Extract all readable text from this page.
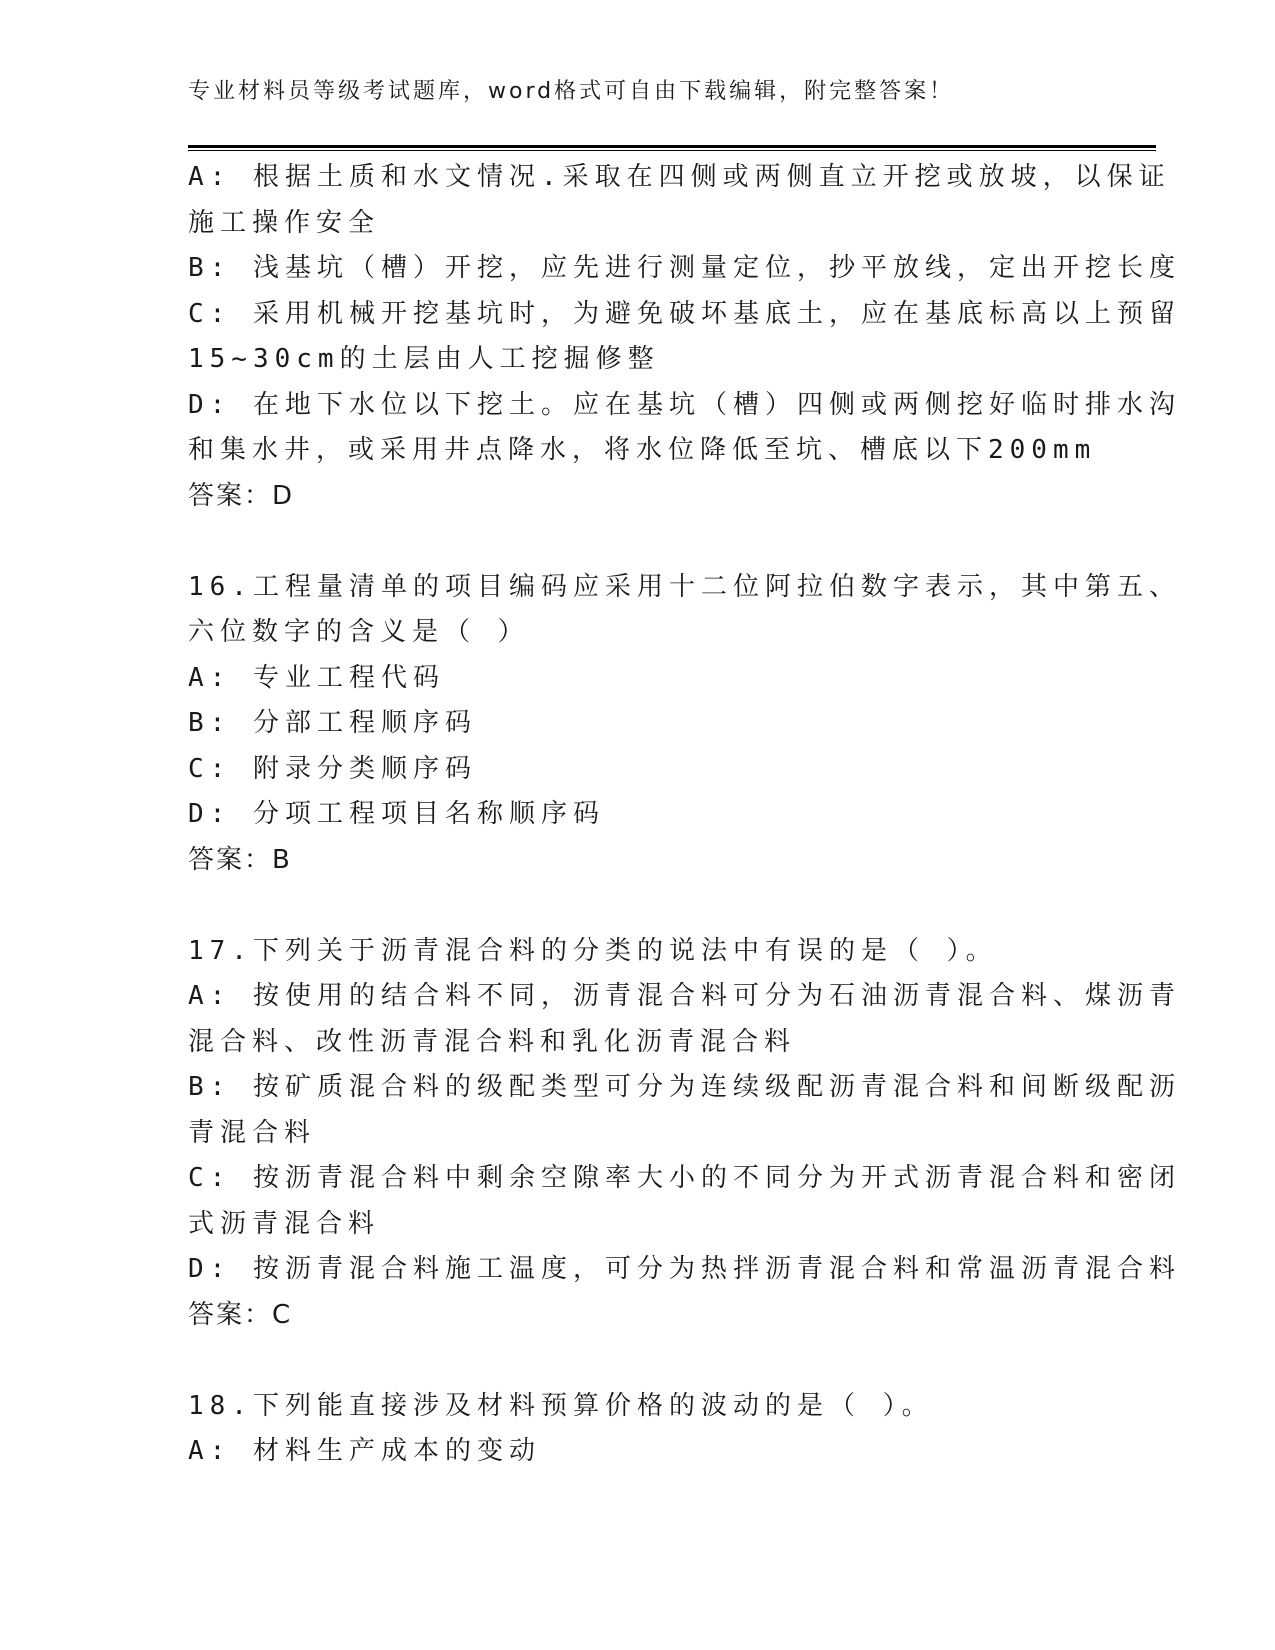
专业材料员等级考试题库，word格式可自由下载编辑，附完整答案！
A: 根据土质和水文情况.采取在四侧或两侧直立开挖或放坡，以保证
施工操作安全
B: 浅基坑（槽）开挖，应先进行测量定位，抄平放线，定出开挖长度
C: 采用机械开挖基坑时，为避免破坏基底土，应在基底标高以上预留
15~30cm的土层由人工挖掘修整
D: 在地下水位以下挖土。应在基坑（槽）四侧或两侧挖好临时排水沟
和集水井，或采用井点降水，将水位降低至坑、槽底以下200mm
答案：D
16.工程量清单的项目编码应采用十二位阿拉伯数字表示，其中第五、
六位数字的含义是（ ）
A: 专业工程代码
B: 分部工程顺序码
C: 附录分类顺序码
D: 分项工程项目名称顺序码
答案：B
17.下列关于沥青混合料的分类的说法中有误的是（ ）。
A: 按使用的结合料不同，沥青混合料可分为石油沥青混合料、煤沥青
混合料、改性沥青混合料和乳化沥青混合料
B: 按矿质混合料的级配类型可分为连续级配沥青混合料和间断级配沥
青混合料
C: 按沥青混合料中剩余空隙率大小的不同分为开式沥青混合料和密闭
式沥青混合料
D: 按沥青混合料施工温度，可分为热拌沥青混合料和常温沥青混合料
答案：C
18.下列能直接涉及材料预算价格的波动的是（ ）。
A: 材料生产成本的变动
